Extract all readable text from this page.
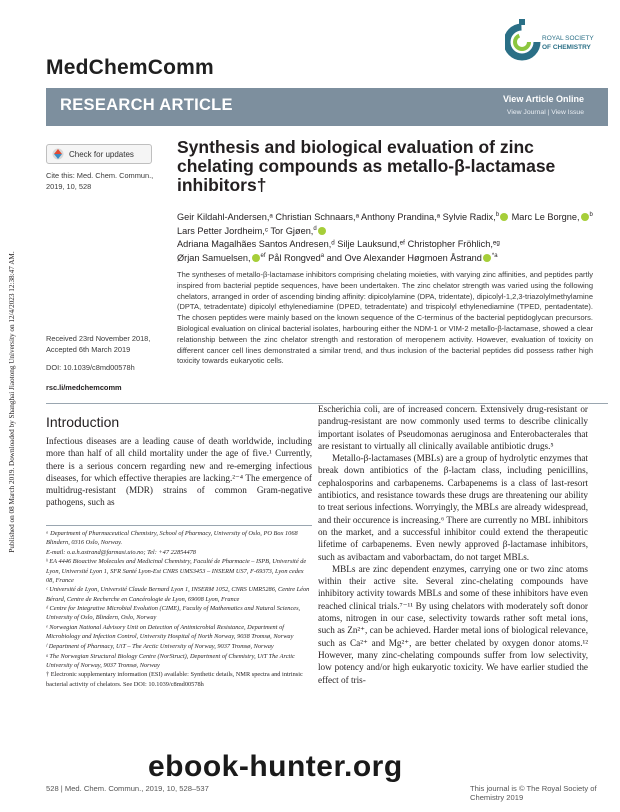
Published on 08 March 2019. Downloaded by Shanghai Jiaotong University on 12/4/2023 12:38:47 AM.
MedChemComm
ROYAL SOCIETY
OF CHEMISTRY
RESEARCH ARTICLE	View Article Online
View Journal | View Issue
Check for updates
Cite this: Med. Chem. Commun.,
2019, 10, 528
Synthesis and biological evaluation of zinc chelating compounds as metallo-β-lactamase inhibitors†
Geir Kildahl-Andersen,ᵃ Christian Schnaars,ᵃ Anthony Prandina,ᵃ Sylvie Radix,$^b$ Marc Le Borgne, $^b$ Lars Petter Jordheim,ᶜ Tor Gjøen,$^d$
Adriana Magalhães Santos Andresen,ᵈ Silje Lauksund,ᵉᶠ Christopher Fröhlich,ᵉᵍ
Ørjan Samuelsen, $^{ef}$ Pål Rongved$^a$ and Ove Alexander Høgmoen Åstrand $^{*a}$
The syntheses of metallo-β-lactamase inhibitors comprising chelating moieties, with varying zinc affinities, and peptides partly inspired from bacterial peptide sequences, have been undertaken. The zinc chelator strength was varied using the following chelators, arranged in order of ascending binding affinity: dipicolylamine (DPA, tridentate), dipicolyl-1,2,3-triazolylmethylamine (DPTA, tetradentate) dipicolyl ethylenediamine (DPED, tetradentate) and trispicolyl ethylenediamine (TPED, pentadentate). The chosen peptides were mainly based on the known sequence of the C-terminus of the bacterial peptidoglycan precursors. Biological evaluation on clinical bacterial isolates, harbouring either the NDM-1 or VIM-2 metallo-β-lactamase, showed a clear relationship between the zinc chelator strength and restoration of meropenem activity. However, evaluation of toxicity on different cancer cell lines demonstrated a similar trend, and thus inclusion of the bacterial peptides did possess rather high toxicity towards eukaryotic cells.
Received 23rd November 2018,
Accepted 6th March 2019
DOI: 10.1039/c8md00578h
rsc.li/medchemcomm
Introduction

Infectious diseases are a leading cause of death worldwide, including more than half of all child mortality under the age of five.¹ Currently, there is a serious concern regarding new and re-emerging infectious diseases, for which effective therapies are lacking.²⁻⁴ The emergence of multidrug-resistant (MDR) strains of common Gram-negative pathogens, such as

Escherichia coli, are of increased concern. Extensively drug-resistant or pandrug-resistant are now commonly used terms to describe clinically important isolates of Pseudomonas aeruginosa and Enterobacterales that are resistant to virtually all clinically available antibiotic drugs.⁵

Metallo-β-lactamases (MBLs) are a group of hydrolytic enzymes that break down antibiotics of the β-lactam class, including penicillins, cephalosporins and carbapenems. Carbapenems is a class of last-resort antibiotics, and resistance towards these drugs are threatening our ability to treat serious infections. Worryingly, the MBLs are already widespread, and their occurence is increasing.⁶ There are currently no MBL inhibitors on the market, and a successful inhibitor could extend the therapeutic lifetime of carbapenems. Even newly approved β-lactamase inhibitors, such as avibactam and vaborbactam, do not target MBLs.

MBLs are zinc dependent enzymes, carrying one or two zinc atoms within their active site. Several zinc-chelating compounds have inhibitory activity towards MBLs and some of these inhibitors have even reached clinical trials.⁷⁻¹¹ By using chelators with moderately soft donor atoms, nitrogen in our case, selectivity towards rather soft metal ions, such as Zn²⁺, can be achieved. Harder metal ions of biological relevance, such as Ca²⁺ and Mg²⁺, are better chelated by oxygen donor atoms.¹² However, many zinc-chelating compounds suffer from low selectivity, low potency and/or high eukaryotic toxicity. We have earlier studied the effect of tris-

ᵃ Department of Pharmaceutical Chemistry, School of Pharmacy, University of Oslo, PO Box 1068 Blindern, 0316 Oslo, Norway.

E-mail: o.a.h.astrand@farmasi.uio.no; Tel: +47 22854478

ᵇ EA 4446 Bioactive Molecules and Medicinal Chemistry, Faculté de Pharmacie – ISPB, Université de Lyon, Université Lyon 1, SFR Santé Lyon-Est CNRS UMS3453 – INSERM US7, F-69373, Lyon cedex 08, France

ᶜ Université de Lyon, Université Claude Bernard Lyon 1, INSERM 1052, CNRS UMR5286, Centre Léon Bérard, Centre de Recherche en Cancérologie de Lyon, 69008 Lyon, France

ᵈ Centre for Integrative Microbial Evolution (CIME), Faculty of Mathematics and Natural Sciences, University of Oslo, Blindern, Oslo, Norway

ᵉ Norwegian National Advisory Unit on Detection of Antimicrobial Resistance, Department of Microbiology and Infection Control, University Hospital of North Norway, 9038 Tromsø, Norway

ᶠ Department of Pharmacy, UiT – The Arctic University of Norway, 9037 Tromsø, Norway

ᵍ The Norwegian Structural Biology Centre (NorStruct), Department of Chemistry, UiT The Arctic University of Norway, 9037 Tromsø, Norway

† Electronic supplementary information (ESI) available: Synthetic details, NMR spectra and intrinsic bacterial activity of chelators. See DOI: 10.1039/c8md00578h

528 | Med. Chem. Commun., 2019, 10, 528–537	This journal is © The Royal Society of Chemistry 2019
ebook-hunter.org
